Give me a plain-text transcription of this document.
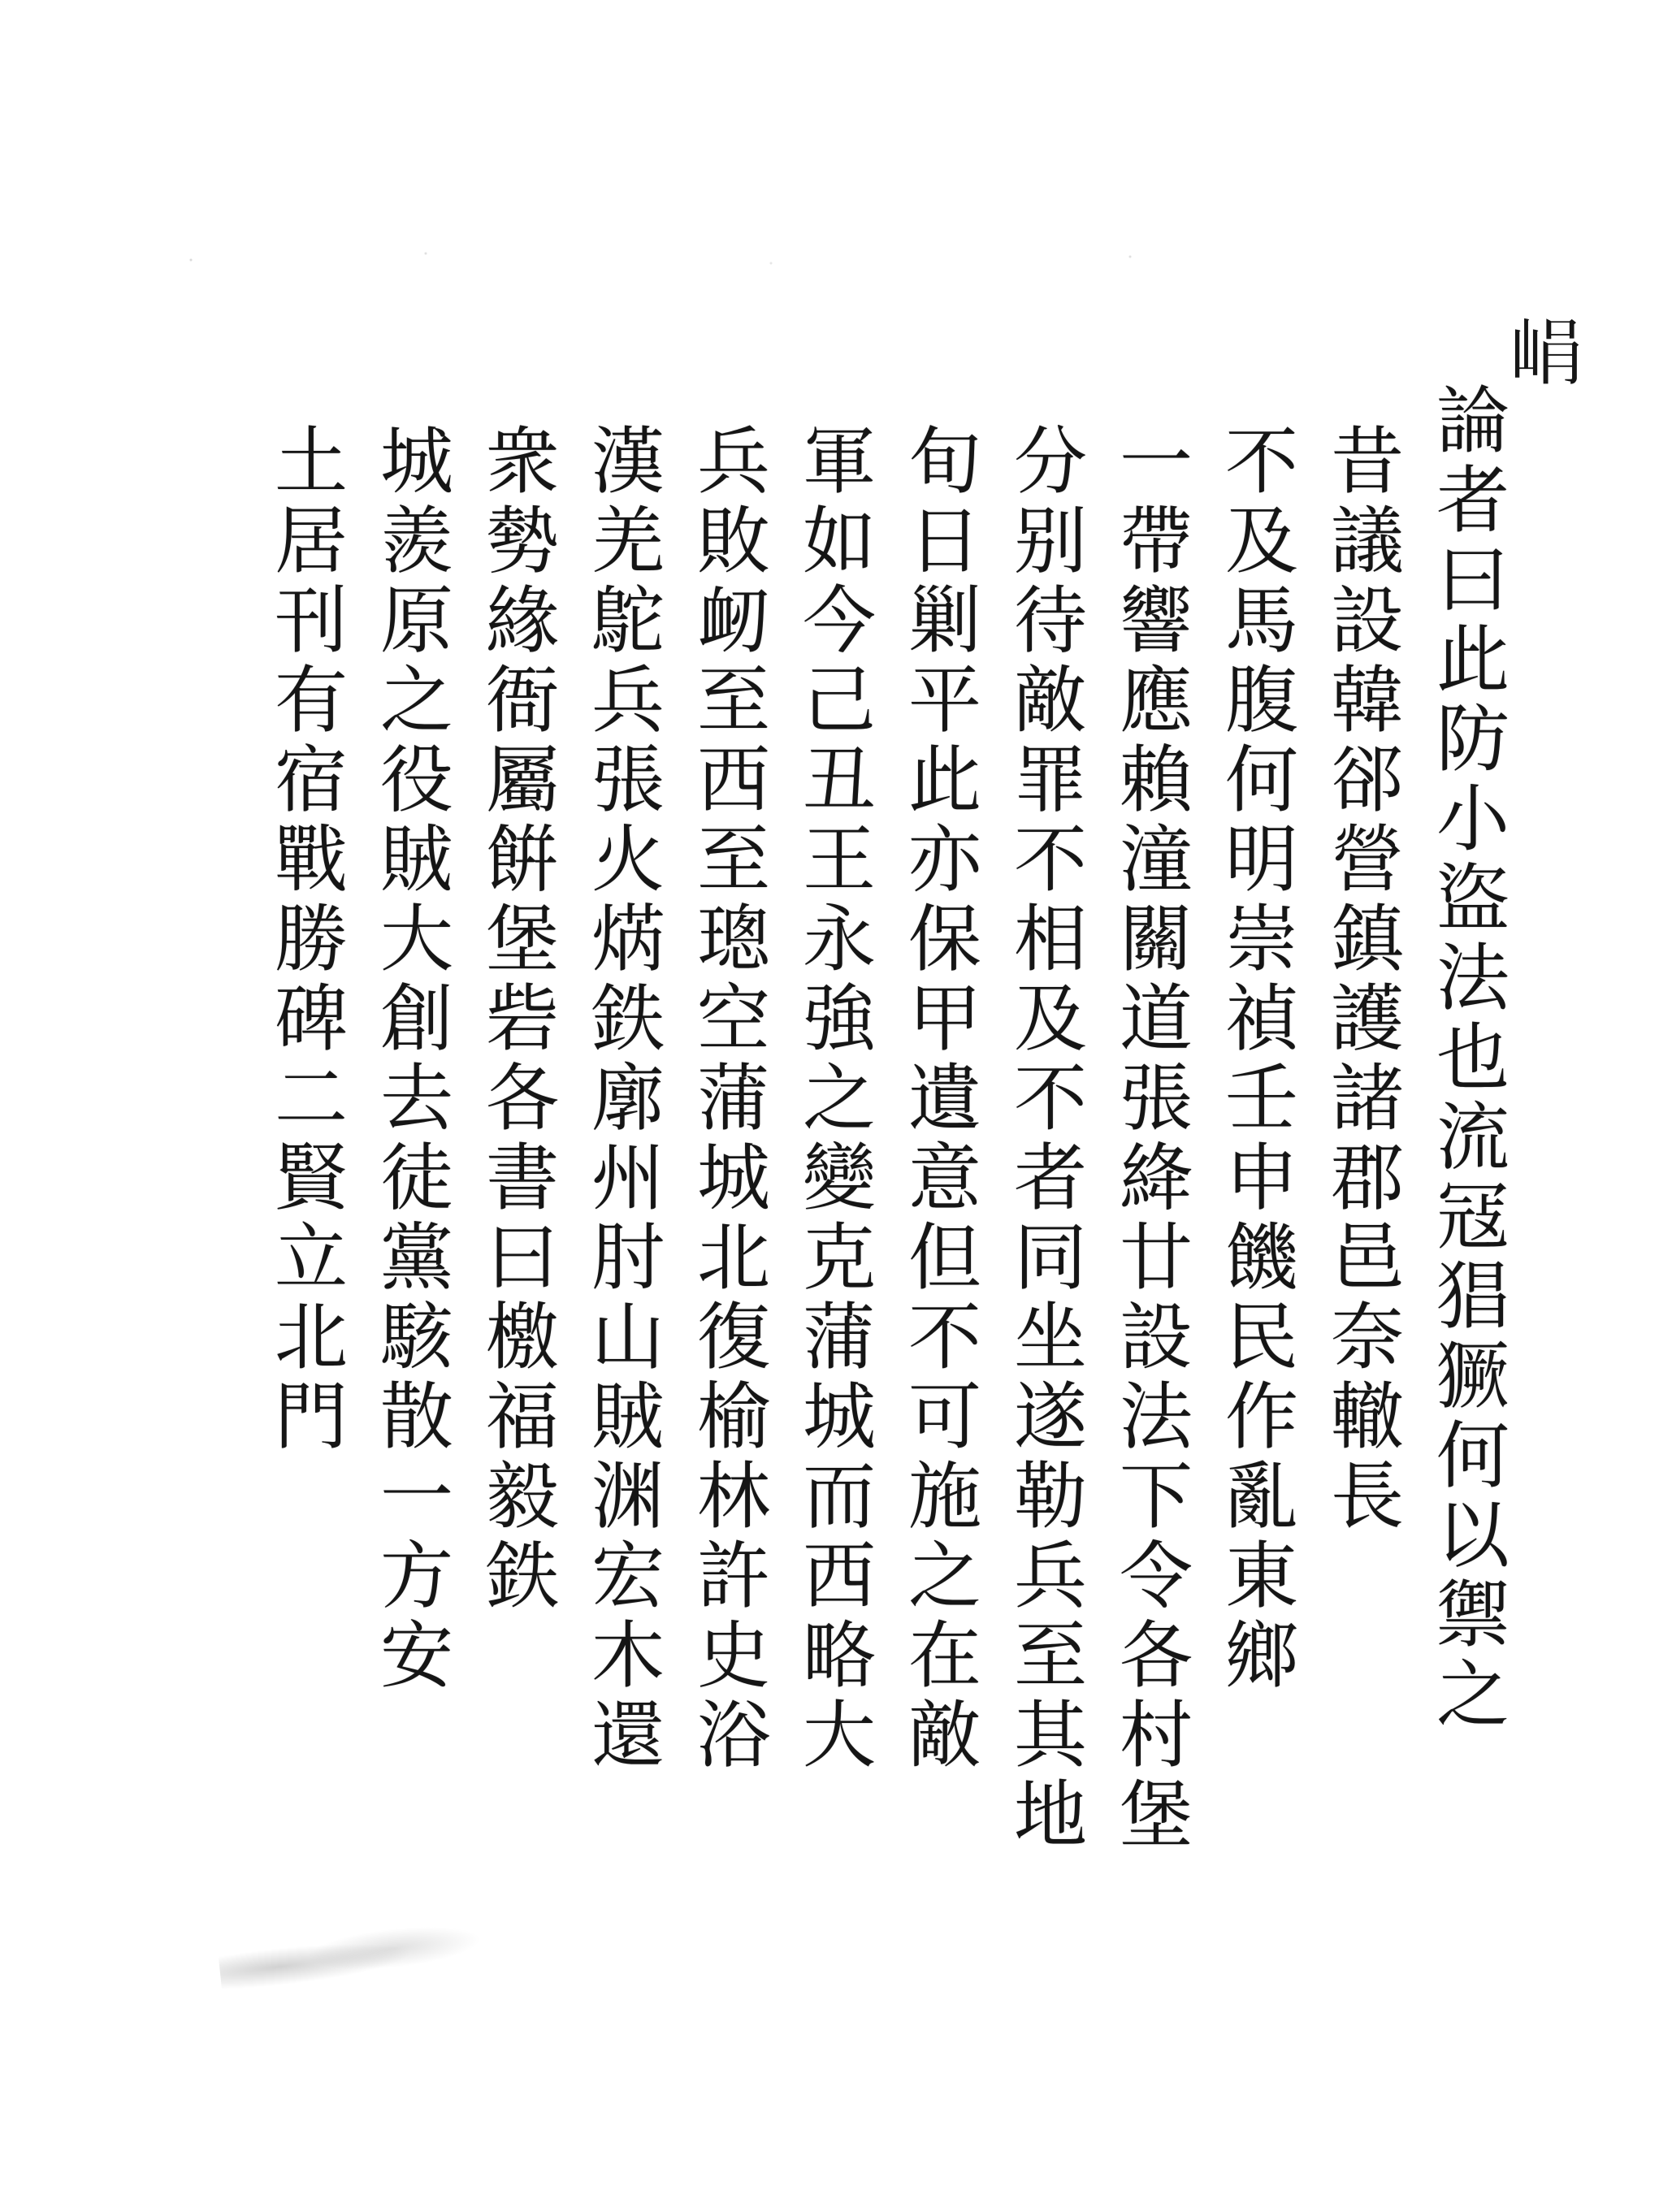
𡷡
論者曰此防小盜法也流冦猖獗何以禦之
昔議設韓郤營鎮護諸郡邑奈轍長
不及馬腹何明崇禎壬申饑民作亂東鄉
一帶響應賴潼關道張絳廿設法下令各村堡
分别待敵罪不相及不者同坐遂勒兵至其地
旬日剿平此亦保甲遺意但不可施之在敵
軍如今己丑王永強之變克蒲城而西略大
兵敗衂至西至璁空蒲城北復榆林許史浴
漢羌鴕兵張火焫鉄廓州肘山賊渊宏木還
衆勢緣衙屬餠堡砦各書曰檄福毅鉄
城羨原之役賊大創去徒黨駭散一方安
土居刊有宿戰勝碑二賢立北門
